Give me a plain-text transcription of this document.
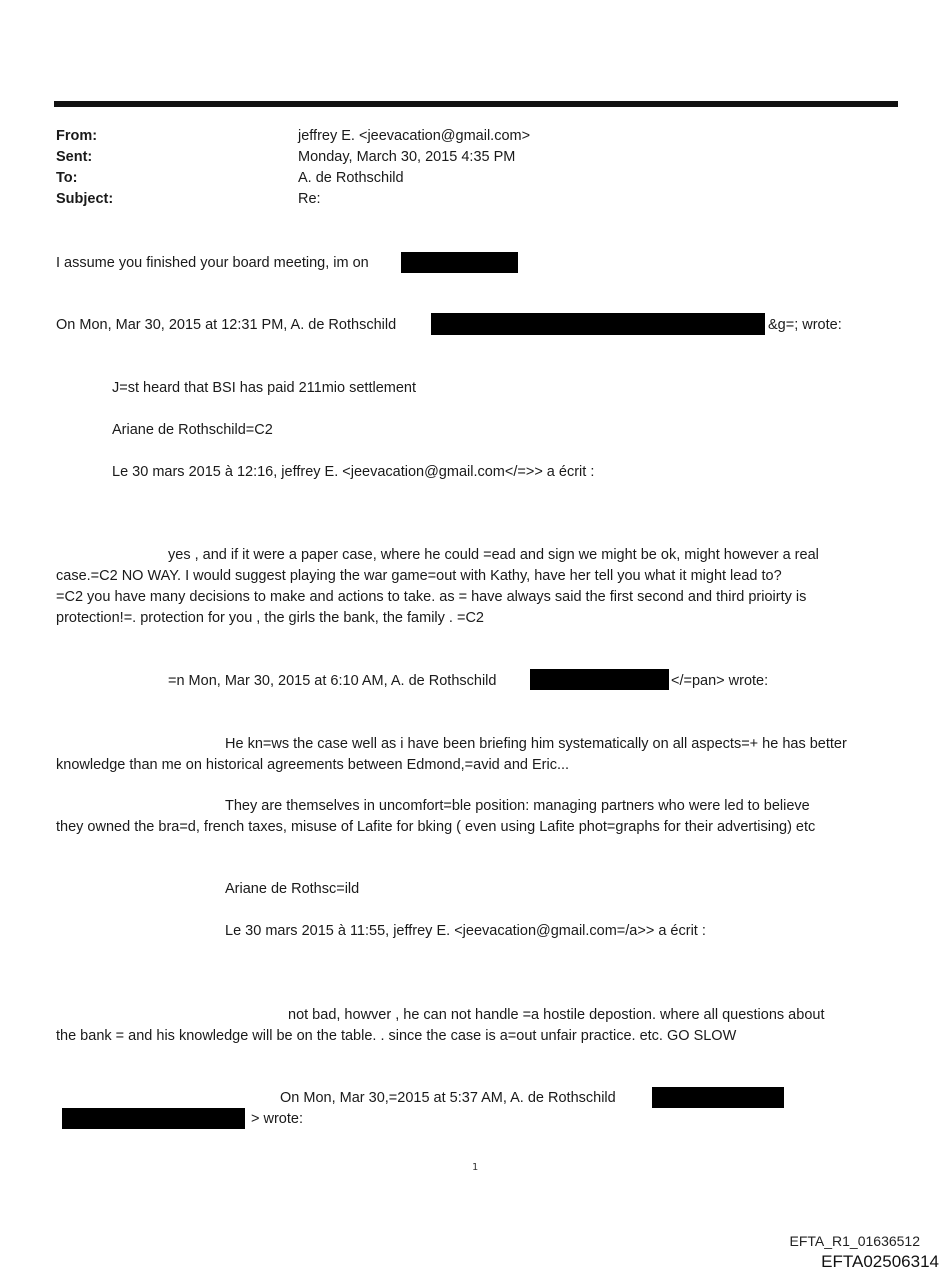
From:	jeffrey E. <jeevacation@gmail.com>
Sent:	Monday, March 30, 2015 4:35 PM
To:	A. de Rothschild
Subject:	Re:
I assume you finished your board meeting, im on
On Mon, Mar 30, 2015 at 12:31 PM, A. de Rothschild	&g=; wrote:
J=st heard that BSI has paid 211mio settlement
Ariane de Rothschild=C2
Le 30 mars 2015 à 12:16, jeffrey E. <jeevacation@gmail.com</=>> a écrit :
yes , and if it were a paper case, where he could =ead and sign we might be ok, might however a real
case.=C2 NO WAY. I would suggest playing the war game=out with Kathy, have her tell you what it might lead to?
=C2 you have many decisions to make and actions to take. as = have always said the first second and third prioirty is
protection!=. protection for you , the girls the bank, the family . =C2
=n Mon, Mar 30, 2015 at 6:10 AM, A. de Rothschild	</=pan> wrote:
He kn=ws the case well as i have been briefing him systematically on all aspects=+ he has better
knowledge than me on historical agreements between Edmond,=avid and Eric...
They are themselves in uncomfort=ble position: managing partners who were led to believe
they owned the bra=d, french taxes, misuse of Lafite for bking ( even using Lafite phot=graphs for their advertising) etc
Ariane de Rothsc=ild
Le 30 mars 2015 à 11:55, jeffrey E. <jeevacation@gmail.com=/a>> a écrit :
not bad, howver , he can not handle =a hostile depostion. where all questions about
the bank = and his knowledge will be on the table. . since the case is a=out unfair practice. etc. GO SLOW
On Mon, Mar 30,=2015 at 5:37 AM, A. de Rothschild
> wrote:
1
EFTA_R1_01636512
EFTA02506314
